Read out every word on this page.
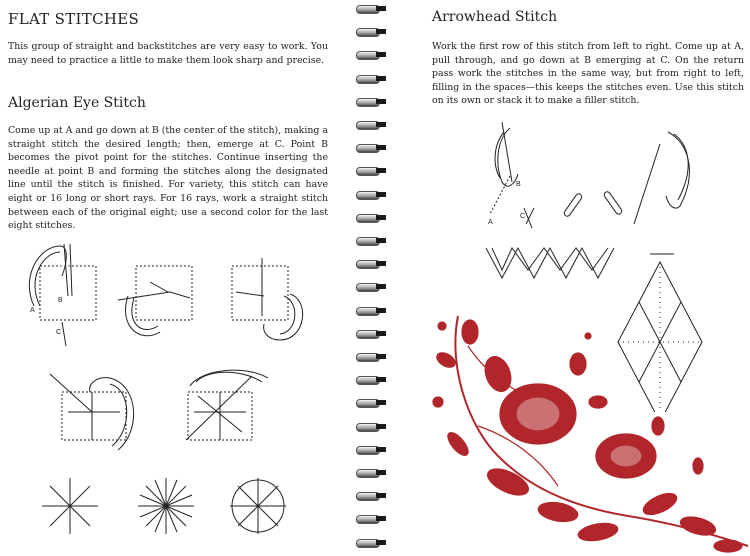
FLAT STITCHES
This group of straight and backstitches are very easy to work. You may need to practice a little to make them look sharp and precise.
Algerian Eye Stitch
Come up at A and go down at B (the center of the stitch), making a straight stitch the desired length; then, emerge at C. Point B becomes the pivot point for the stitches. Continue inserting the needle at point B and forming the stitches along the designated line until the stitch is finished. For variety, this stitch can have eight or 16 long or short rays. For 16 rays, work a straight stitch between each of the original eight; use a second color for the last eight stitches.
A
B
C
Arrowhead Stitch
Work the first row of this stitch from left to right. Come up at A, pull through, and go down at B emerging at C. On the return pass work the stitches in the same way, but from right to left, filling in the spaces—this keeps the stitches even. Use this stitch on its own or stack it to make a filler stitch.
A
B
C
